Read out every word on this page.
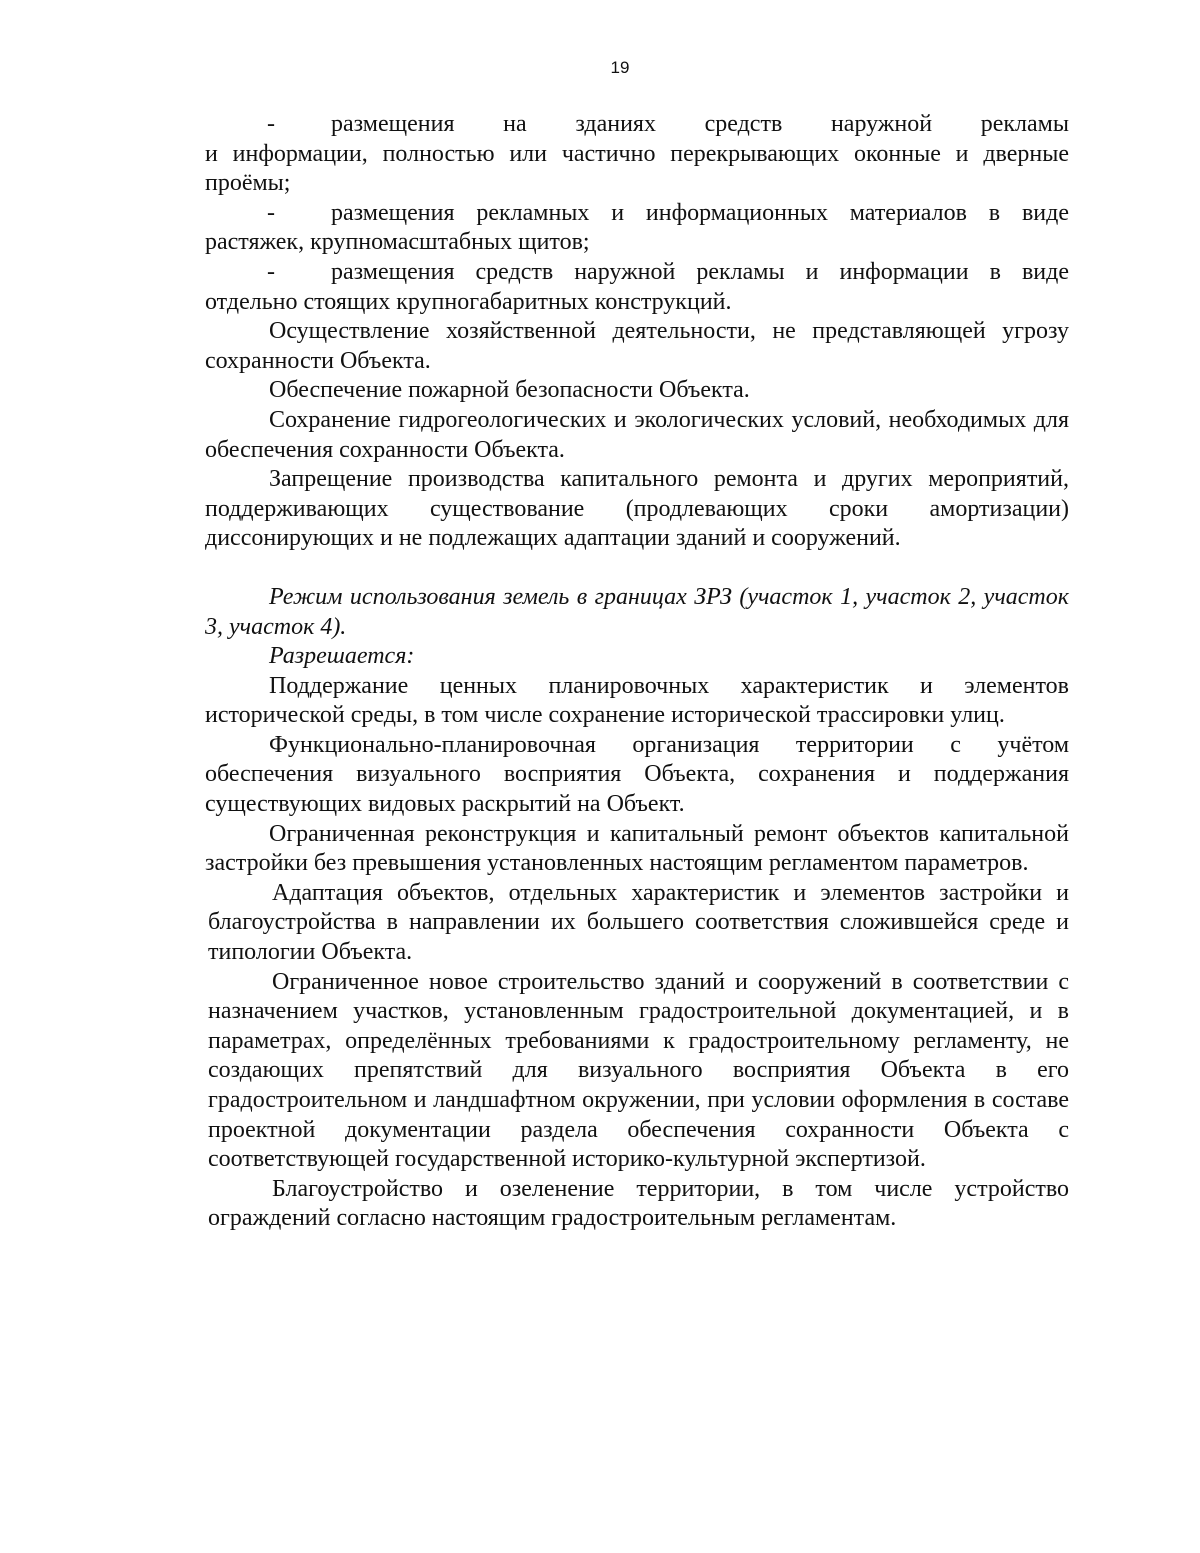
19
-	размещения на зданиях средств наружной рекламы
и информации, полностью или частично перекрывающих оконные и дверные проёмы;
-	размещения рекламных и информационных материалов в виде
растяжек, крупномасштабных щитов;
-	размещения средств наружной рекламы и информации в виде
отдельно стоящих крупногабаритных конструкций.

Осуществление хозяйственной деятельности, не представляющей угрозу сохранности Объекта.

Обеспечение пожарной безопасности Объекта.

Сохранение гидрогеологических и экологических условий, необходимых для обеспечения сохранности Объекта.

Запрещение производства капитального ремонта и других мероприятий, поддерживающих существование (продлевающих сроки амортизации) диссонирующих и не подлежащих адаптации зданий и сооружений.

Режим использования земель в границах ЗРЗ (участок 1, участок 2, участок 3, участок 4).

Разрешается:

Поддержание ценных планировочных характеристик и элементов исторической среды, в том числе сохранение исторической трассировки улиц.

Функционально-планировочная организация территории с учётом обеспечения визуального восприятия Объекта, сохранения и поддержания существующих видовых раскрытий на Объект.

Ограниченная реконструкция и капитальный ремонт объектов капитальной застройки без превышения установленных настоящим регламентом параметров.

Адаптация объектов, отдельных характеристик и элементов застройки и благоустройства в направлении их большего соответствия сложившейся среде и типологии Объекта.

Ограниченное новое строительство зданий и сооружений в соответствии с назначением участков, установленным градостроительной документацией, и в параметрах, определённых требованиями к градостроительному регламенту, не создающих препятствий для визуального восприятия Объекта в его градостроительном и ландшафтном окружении, при условии оформления в составе проектной документации раздела обеспечения сохранности Объекта с соответствующей государственной историко-культурной экспертизой.

Благоустройство и озеленение территории, в том числе устройство ограждений согласно настоящим градостроительным регламентам.
